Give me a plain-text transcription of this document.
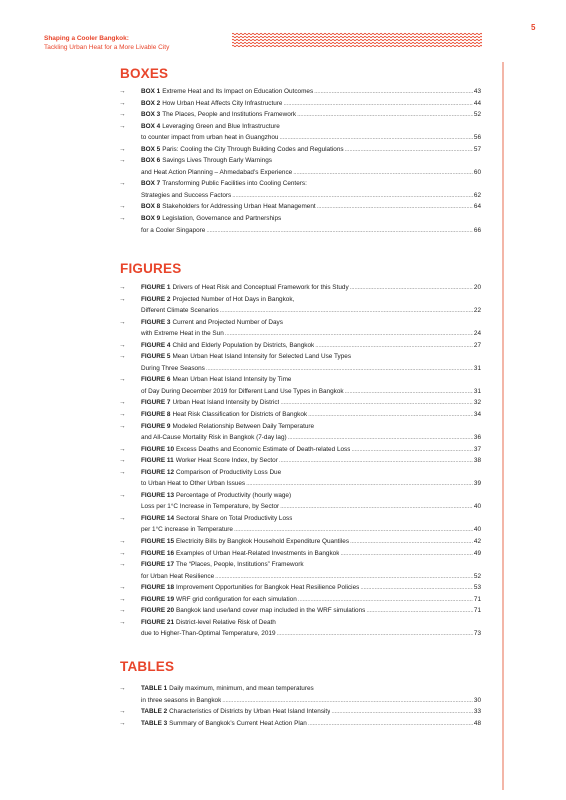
Shaping a Cooler Bangkok:
Tackling Urban Heat for a More Livable City
5
BOXES
→ BOX 1 Extreme Heat and Its Impact on Education Outcomes .....	43
→ BOX 2 How Urban Heat Affects City Infrastructure .....	44
→ BOX 3 The Places, People and Institutions Framework .....	52
→ BOX 4 Leveraging Green and Blue Infrastructure
to counter impact from urban heat in Guangzhou .....	56
→ BOX 5 Paris: Cooling the City Through Building Codes and Regulations .....	57
→ BOX 6 Savings Lives Through Early Warnings
and Heat Action Planning – Ahmedabad’s Experience .....	60
→ BOX 7 Transforming Public Facilities into Cooling Centers:
Strategies and Success Factors .....	62
→ BOX 8 Stakeholders for Addressing Urban Heat Management .....	64
→ BOX 9 Legislation, Governance and Partnerships
for a Cooler Singapore .....	66
FIGURES
→ FIGURE 1 Drivers of Heat Risk and Conceptual Framework for this Study .....	20
→ FIGURE 2 Projected Number of Hot Days in Bangkok,
Different Climate Scenarios .....	22
→ FIGURE 3 Current and Projected Number of Days
with Extreme Heat in the Sun .....	24
→ FIGURE 4 Child and Elderly Population by Districts, Bangkok .....	27
→ FIGURE 5 Mean Urban Heat Island Intensity for Selected Land Use Types
During Three Seasons .....	31
→ FIGURE 6 Mean Urban Heat Island Intensity by Time
of Day During December 2019 for Different Land Use Types in Bangkok .....	31
→ FIGURE 7 Urban Heat Island Intensity by District .....	32
→ FIGURE 8 Heat Risk Classification for Districts of Bangkok .....	34
→ FIGURE 9 Modeled Relationship Between Daily Temperature
and All-Cause Mortality Risk in Bangkok (7-day lag) .....	36
→ FIGURE 10 Excess Deaths and Economic Estimate of Death-related Loss .....	37
→ FIGURE 11 Worker Heat Score Index, by Sector .....	38
→ FIGURE 12 Comparison of Productivity Loss Due
to Urban Heat to Other Urban Issues .....	39
→ FIGURE 13 Percentage of Productivity (hourly wage)
Loss per 1°C Increase in Temperature, by Sector .....	40
→ FIGURE 14 Sectoral Share on Total Productivity Loss
per 1°C increase in Temperature .....	40
→ FIGURE 15 Electricity Bills by Bangkok Household Expenditure Quantiles .....	42
→ FIGURE 16 Examples of Urban Heat-Related Investments in Bangkok .....	49
→ FIGURE 17 The “Places, People, Institutions” Framework
for Urban Heat Resilience .....	52
→ FIGURE 18 Improvement Opportunities for Bangkok Heat Resilience Policies .....	53
→ FIGURE 19 WRF grid configuration for each simulation .....	71
→ FIGURE 20 Bangkok land use/land cover map included in the WRF simulations .....	71
→ FIGURE 21 District-level Relative Risk of Death
due to Higher-Than-Optimal Temperature, 2019 .....	73
TABLES
→ TABLE 1 Daily maximum, minimum, and mean temperatures
in three seasons in Bangkok .....	30
→ TABLE 2 Characteristics of Districts by Urban Heat Island Intensity .....	33
→ TABLE 3 Summary of Bangkok’s Current Heat Action Plan .....	48
